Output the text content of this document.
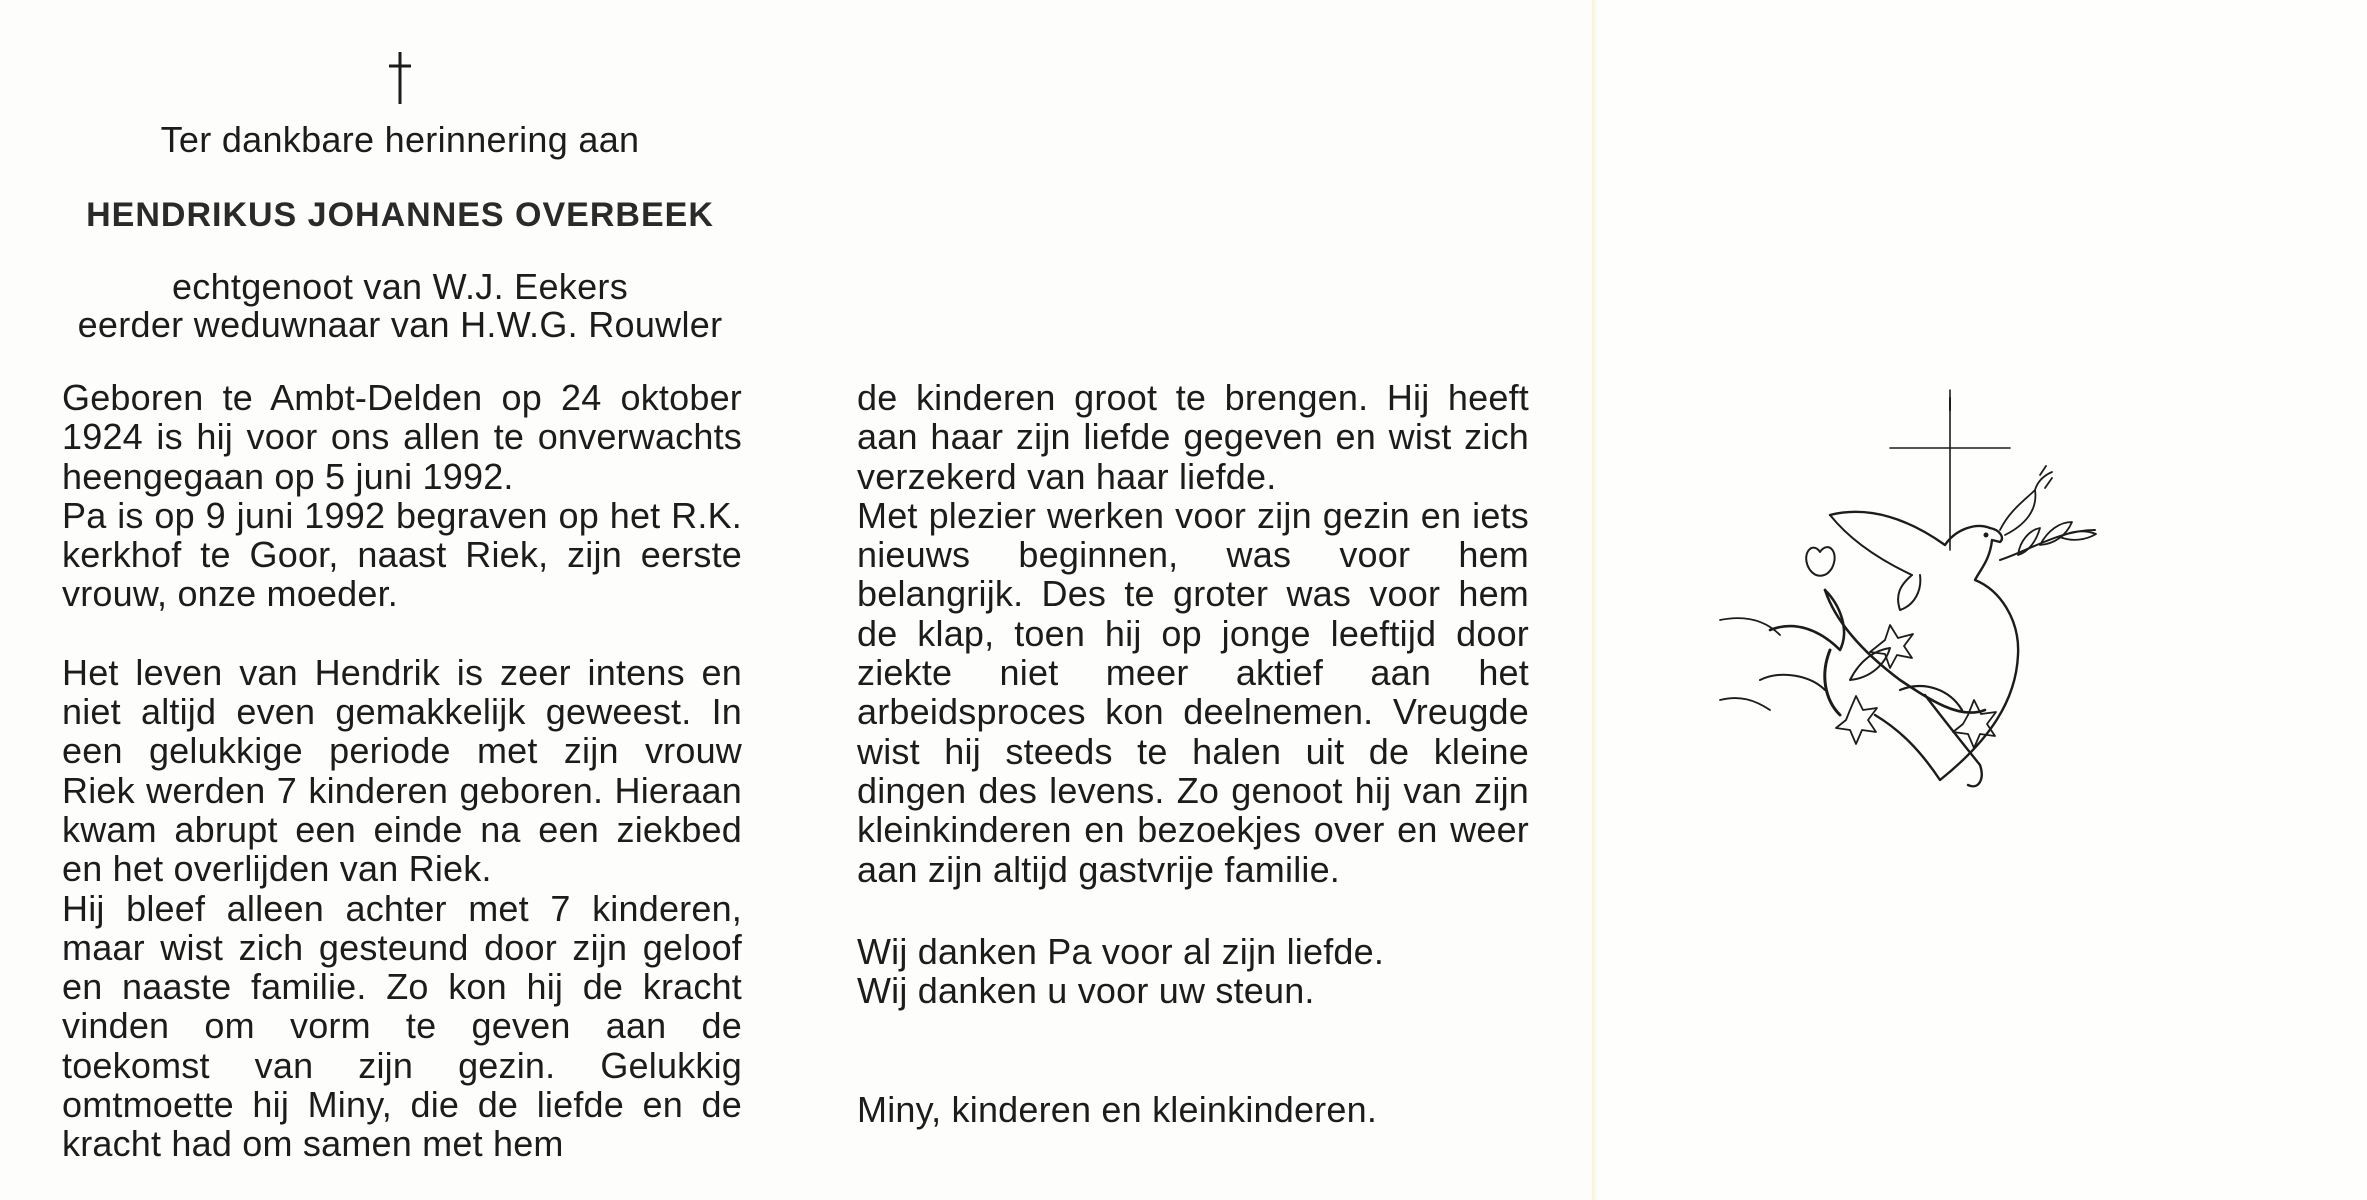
Ter dankbare herinnering aan
HENDRIKUS JOHANNES OVERBEEK
echtgenoot van W.J. Eekers
eerder weduwnaar van H.W.G. Rouwler

Geboren te Ambt-Delden op 24 oktober 1924 is hij voor ons allen te onverwachts heengegaan op 5 juni 1992.

Pa is op 9 juni 1992 begraven op het R.K. kerkhof te Goor, naast Riek, zijn eerste vrouw, onze moeder.

Het leven van Hendrik is zeer intens en niet altijd even gemakkelijk geweest. In een gelukkige periode met zijn vrouw Riek werden 7 kinderen geboren. Hieraan kwam abrupt een einde na een ziekbed en het overlijden van Riek.

Hij bleef alleen achter met 7 kinderen, maar wist zich gesteund door zijn geloof en naaste familie. Zo kon hij de kracht vinden om vorm te geven aan de toekomst van zijn gezin. Gelukkig omtmoette hij Miny, die de liefde en de kracht had om samen met hem

de kinderen groot te brengen. Hij heeft aan haar zijn liefde gegeven en wist zich verzekerd van haar liefde.

Met plezier werken voor zijn gezin en iets nieuws beginnen, was voor hem belangrijk. Des te groter was voor hem de klap, toen hij op jonge leeftijd door ziekte niet meer aktief aan het arbeidsproces kon deelnemen. Vreugde wist hij steeds te halen uit de kleine dingen des levens. Zo genoot hij van zijn kleinkinderen en bezoekjes over en weer aan zijn altijd gastvrije familie.

Wij danken Pa voor al zijn liefde.
Wij danken u voor uw steun.
Miny, kinderen en kleinkinderen.
